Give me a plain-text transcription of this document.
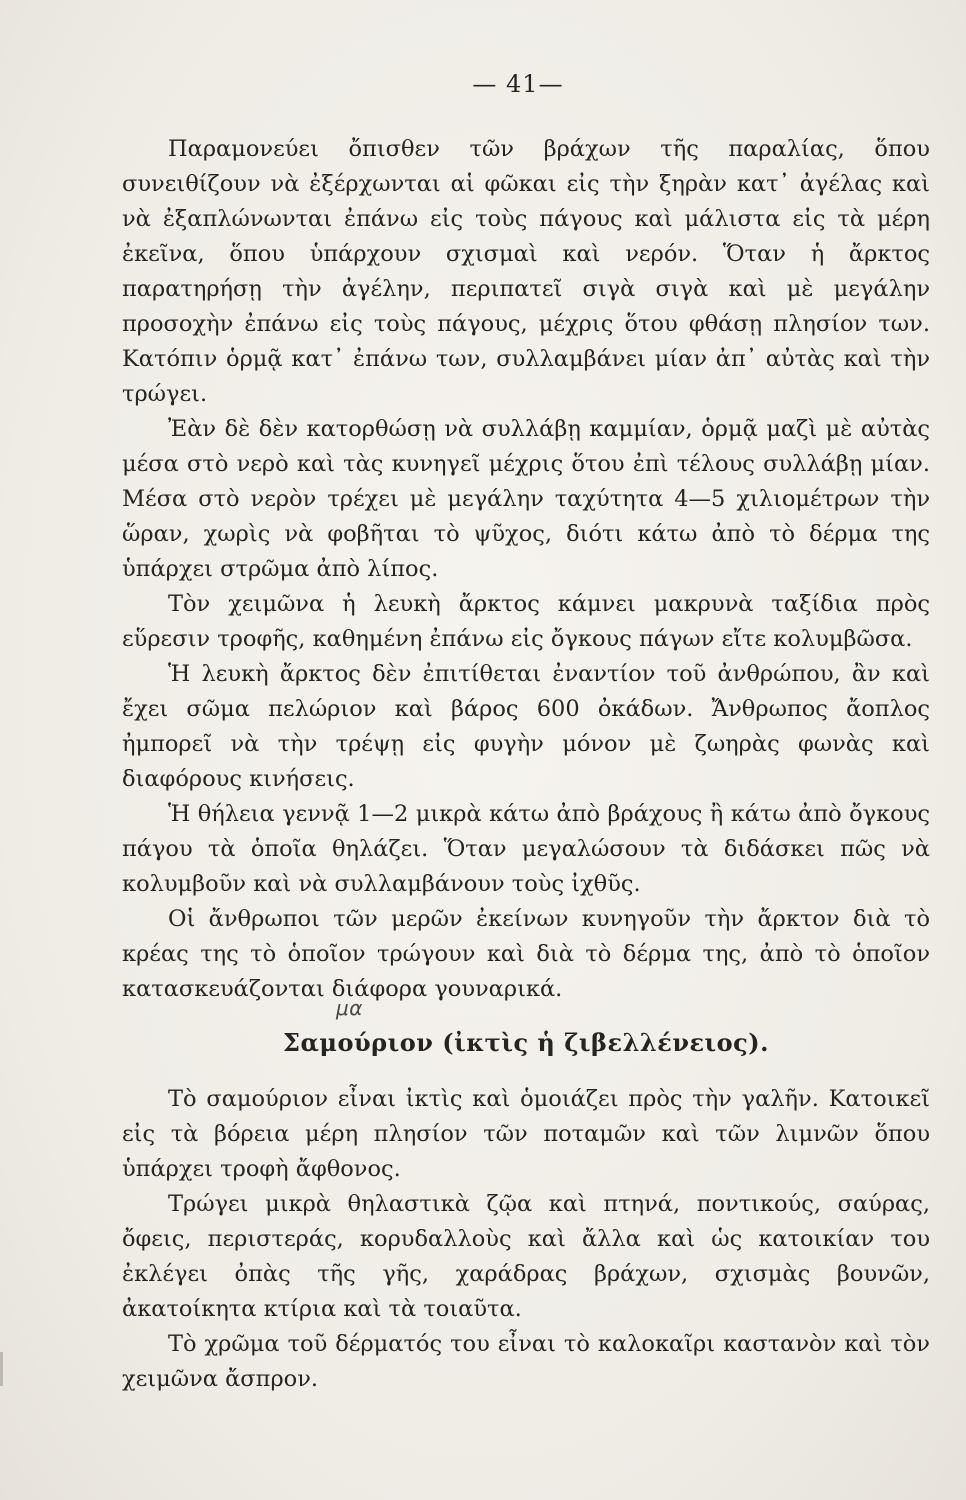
— 41—

Παραμονεύει ὄπισθεν τῶν βράχων τῆς παραλίας, ὅπου συνειθίζουν νὰ ἐξέρχωνται αἱ φῶκαι εἰς τὴν ξηρὰν κατ᾽ ἀγέλας καὶ νὰ ἐξαπλώνωνται ἐπάνω εἰς τοὺς πάγους καὶ μάλιστα εἰς τὰ μέρη ἐκεῖνα, ὅπου ὑπάρχουν σχισμαὶ καὶ νερόν. Ὅταν ἡ ἄρκτος παρατηρήσῃ τὴν ἀγέλην, περιπατεῖ σιγὰ σιγὰ καὶ μὲ μεγάλην προσοχὴν ἐπάνω εἰς τοὺς πάγους, μέχρις ὅτου φθάσῃ πλησίον των. Κατόπιν ὁρμᾷ κατ᾽ ἐπάνω των, συλλαμβάνει μίαν ἀπ᾽ αὐτὰς καὶ τὴν τρώγει.

Ἐὰν δὲ δὲν κατορθώσῃ νὰ συλλάβῃ καμμίαν, ὁρμᾷ μαζὶ μὲ αὐτὰς μέσα στὸ νερὸ καὶ τὰς κυνηγεῖ μέχρις ὅτου ἐπὶ τέλους συλλάβῃ μίαν. Μέσα στὸ νερὸν τρέχει μὲ μεγάλην ταχύτητα 4—5 χιλιομέτρων τὴν ὥραν, χωρὶς νὰ φοβῆται τὸ ψῦχος, διότι κάτω ἀπὸ τὸ δέρμα της ὑπάρχει στρῶμα ἀπὸ λίπος.

Τὸν χειμῶνα ἡ λευκὴ ἄρκτος κάμνει μακρυνὰ ταξίδια πρὸς εὕρεσιν τροφῆς, καθημένη ἐπάνω εἰς ὄγκους πάγων εἴτε κολυμβῶσα.

Ἡ λευκὴ ἄρκτος δὲν ἐπιτίθεται ἐναντίον τοῦ ἀνθρώπου, ἂν καὶ ἔχει σῶμα πελώριον καὶ βάρος 600 ὀκάδων. Ἄνθρωπος ἄοπλος ἠμπορεῖ νὰ τὴν τρέψῃ εἰς φυγὴν μόνον μὲ ζωηρὰς φωνὰς καὶ διαφόρους κινήσεις.

Ἡ θήλεια γεννᾷ 1—2 μικρὰ κάτω ἀπὸ βράχους ἢ κάτω ἀπὸ ὄγκους πάγου τὰ ὁποῖα θηλάζει. Ὅταν μεγαλώσουν τὰ διδάσκει πῶς νὰ κολυμβοῦν καὶ νὰ συλλαμβάνουν τοὺς ἰχθῦς.

Οἱ ἄνθρωποι τῶν μερῶν ἐκείνων κυνηγοῦν τὴν ἄρκτον διὰ τὸ κρέας της τὸ ὁποῖον τρώγουν καὶ διὰ τὸ δέρμα της, ἀπὸ τὸ ὁποῖον κατασκευάζονται διάφορα γουναρικά.

μα
Σαμούριον (ἰκτὶς ἡ ζιβελλένειος).

Τὸ σαμούριον εἶναι ἰκτὶς καὶ ὁμοιάζει πρὸς τὴν γαλῆν. Κατοικεῖ εἰς τὰ βόρεια μέρη πλησίον τῶν ποταμῶν καὶ τῶν λιμνῶν ὅπου ὑπάρχει τροφὴ ἄφθονος.

Τρώγει μικρὰ θηλαστικὰ ζῷα καὶ πτηνά, ποντικούς, σαύρας, ὄφεις, περιστεράς, κορυδαλλοὺς καὶ ἄλλα καὶ ὡς κατοικίαν του ἐκλέγει ὀπὰς τῆς γῆς, χαράδρας βράχων, σχισμὰς βουνῶν, ἀκατοίκητα κτίρια καὶ τὰ τοιαῦτα.

Τὸ χρῶμα τοῦ δέρματός του εἶναι τὸ καλοκαῖρι καστανὸν καὶ τὸν χειμῶνα ἄσπρον.
